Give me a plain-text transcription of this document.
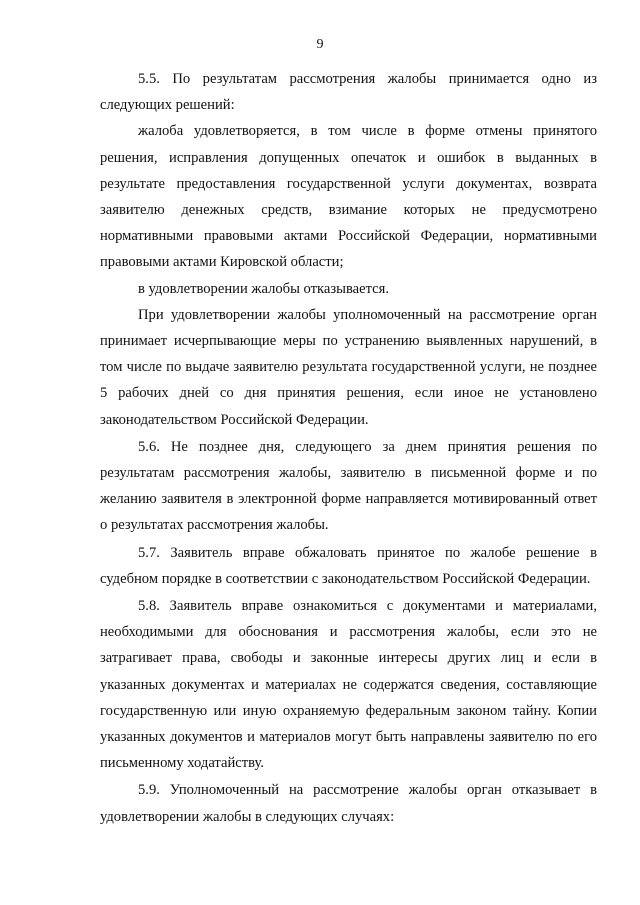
9

5.5. По результатам рассмотрения жалобы принимается одно из следующих решений:

жалоба удовлетворяется, в том числе в форме отмены принятого решения, исправления допущенных опечаток и ошибок в выданных в результате предоставления государственной услуги документах, возврата заявителю денежных средств, взимание которых не предусмотрено нормативными правовыми актами Российской Федерации, нормативными правовыми актами Кировской области;

в удовлетворении жалобы отказывается.

При удовлетворении жалобы уполномоченный на рассмотрение орган принимает исчерпывающие меры по устранению выявленных нарушений, в том числе по выдаче заявителю результата государственной услуги, не позднее 5 рабочих дней со дня принятия решения, если иное не установлено законодательством Российской Федерации.

5.6. Не позднее дня, следующего за днем принятия решения по результатам рассмотрения жалобы, заявителю в письменной форме и по желанию заявителя в электронной форме направляется мотивированный ответ о результатах рассмотрения жалобы.

5.7. Заявитель вправе обжаловать принятое по жалобе решение в судебном порядке в соответствии с законодательством Российской Федерации.

5.8. Заявитель вправе ознакомиться с документами и материалами, необходимыми для обоснования и рассмотрения жалобы, если это не затрагивает права, свободы и законные интересы других лиц и если в указанных документах и материалах не содержатся сведения, составляющие государственную или иную охраняемую федеральным законом тайну. Копии указанных документов и материалов могут быть направлены заявителю по его письменному ходатайству.

5.9. Уполномоченный на рассмотрение жалобы орган отказывает в удовлетворении жалобы в следующих случаях:
